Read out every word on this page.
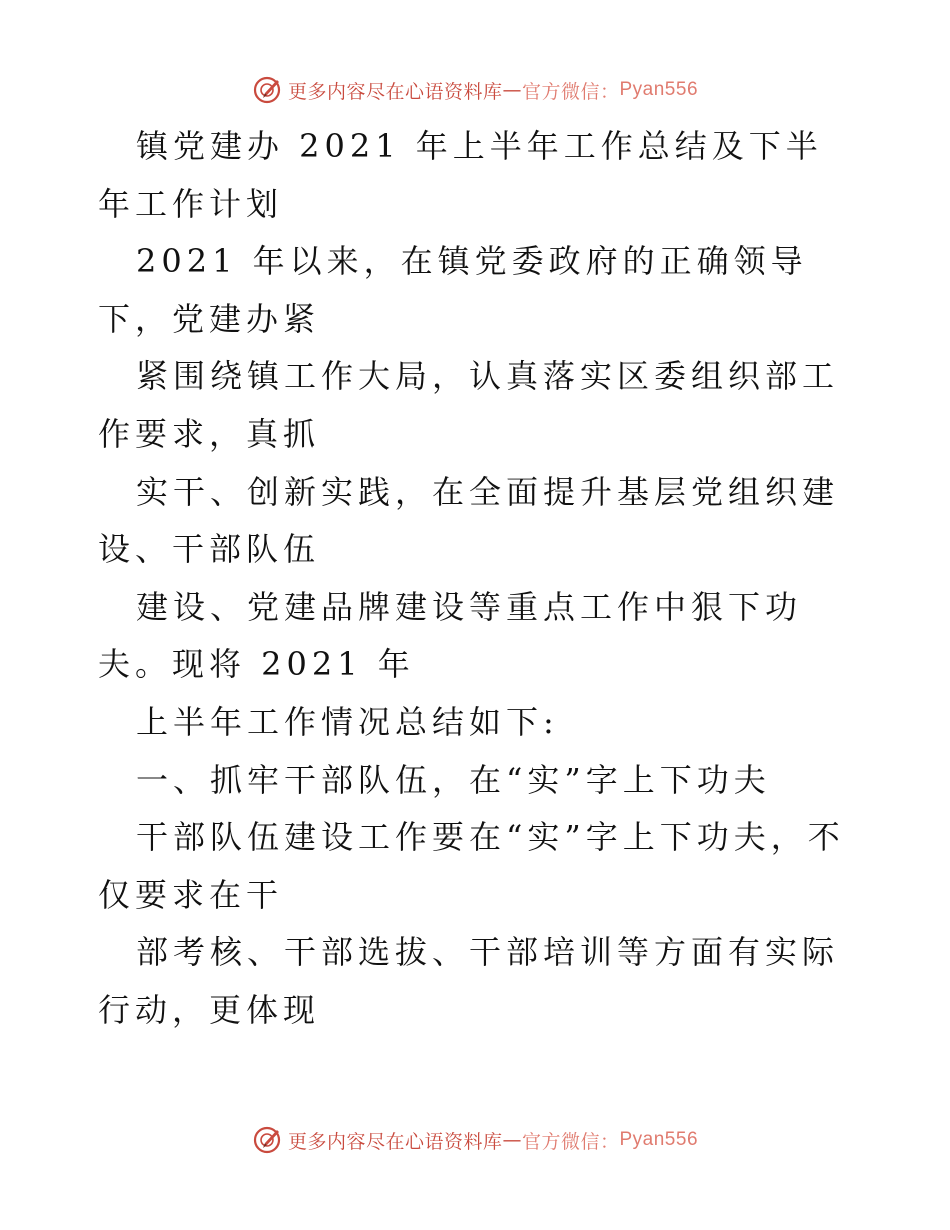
更多内容尽在心语资料库 — 官方微信： Pyan556

镇党建办 2021 年上半年工作总结及下半年工作计划

2021 年以来，在镇党委政府的正确领导下，党建办紧

紧围绕镇工作大局，认真落实区委组织部工作要求，真抓

实干、创新实践，在全面提升基层党组织建设、干部队伍

建设、党建品牌建设等重点工作中狠下功夫。现将 2021 年

上半年工作情况总结如下:

一、抓牢干部队伍，在“实”字上下功夫

干部队伍建设工作要在“实”字上下功夫，不仅要求在干

部考核、干部选拔、干部培训等方面有实际行动，更体现

更多内容尽在心语资料库 — 官方微信： Pyan556
